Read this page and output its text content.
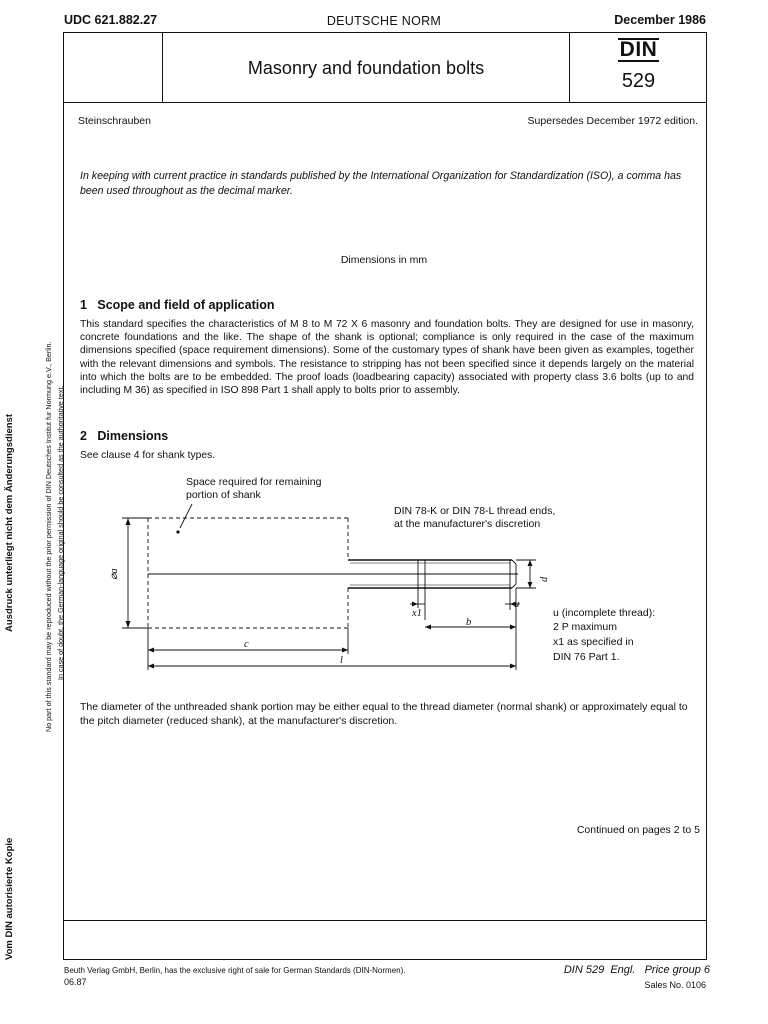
UDC 621.882.27	DEUTSCHE NORM	December 1986
Masonry and foundation bolts
DIN
529
Steinschrauben	Supersedes December 1972 edition.
In keeping with current practice in standards published by the International Organization for Standardization (ISO), a comma has been used throughout as the decimal marker.
Dimensions in mm
1 Scope and field of application
This standard specifies the characteristics of M 8 to M 72 X 6 masonry and foundation bolts. They are designed for use in masonry, concrete foundations and the like. The shape of the shank is optional; compliance is only required in the case of the maximum dimensions specified (space requirement dimensions). Some of the customary types of shank have been given as examples, together with the relevant dimensions and symbols. The resistance to stripping has not been specified since it depends largely on the material into which the bolts are to be embedded. The proof loads (loadbearing capacity) associated with property class 3.6 bolts (up to and including M 36) as specified in ISO 898 Part 1 shall apply to bolts prior to assembly.
2 Dimensions
See clause 4 for shank types.
Space required for remaining
portion of shank
DIN 78-K or DIN 78-L thread ends,
at the manufacturer's discretion
⌀a	d
x1
u
b
c
l
u (incomplete thread):
2 P maximum
x1 as specified in
DIN 76 Part 1.
The diameter of the unthreaded shank portion may be either equal to the thread diameter (normal shank) or approximately equal to the pitch diameter (reduced shank), at the manufacturer's discretion.
Continued on pages 2 to 5
Beuth Verlag GmbH, Berlin, has the exclusive right of sale for German Standards (DIN-Normen).
06.87
DIN 529  Engl.   Price group 6
Sales No. 0106
No part of this standard may be reproduced without the prior permission of DIN Deutsches Institut fur Normung e.V., Berlin. In case of doubt, the German-language original should be consulted as the authoritative text.
Ausdruck unterliegt nicht dem Änderungsdienst
Vom DIN autorisierte Kopie
